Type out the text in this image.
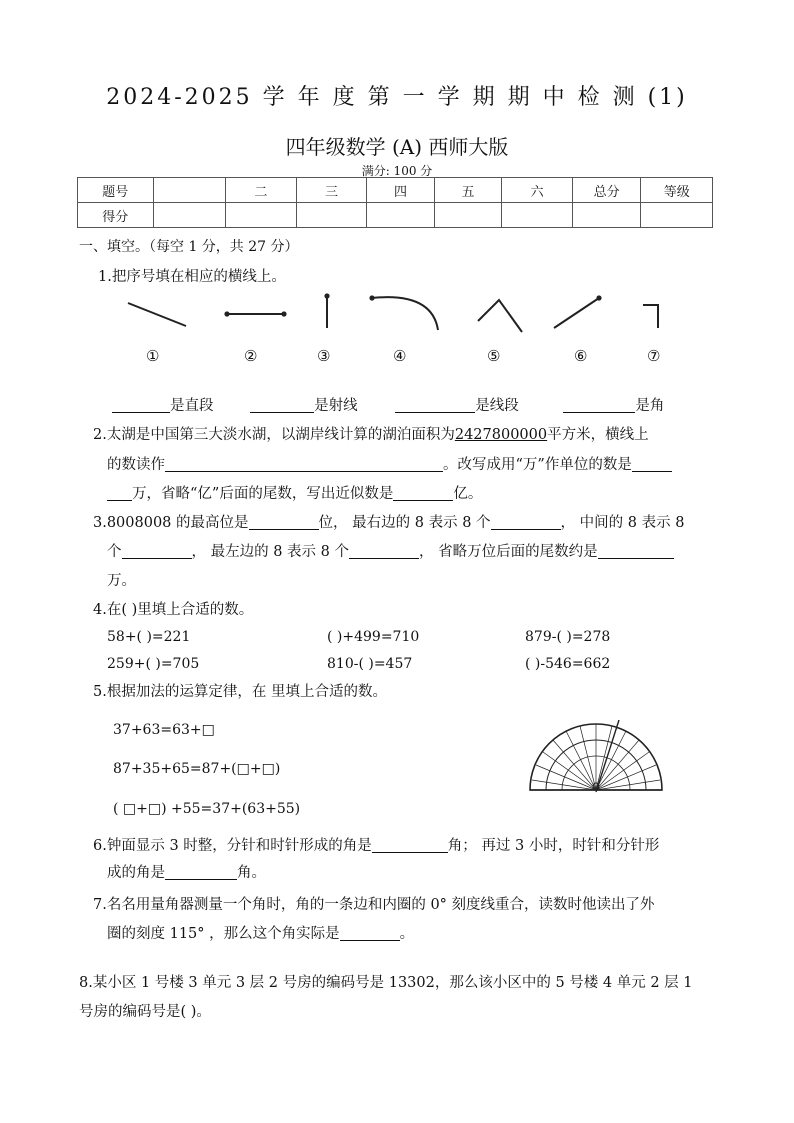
2024-2025 学 年 度 第 一 学 期 期 中 检 测 (1)
四年级数学 (A) 西师大版
满分: 100 分
题号		二	三	四	五	六	总分	等级
得分								
一、填空。（每空 1 分，共 27 分）
1.把序号填在相应的横线上。
①	②	③	④	⑤	⑥	⑦
是直段	是射线	是线段	是角
2.太湖是中国第三大淡水湖，以湖岸线计算的湖泊面积为2427800000平方米，横线上
的数读作	。改写成用“万”作单位的数是
万，省略“亿”后面的尾数，写出近似数是	亿。
3.8008008 的最高位是	位， 最右边的 8 表示 8 个	， 中间的 8 表示 8
个	， 最左边的 8 表示 8 个	， 省略万位后面的尾数约是
万。
4.在( )里填上合适的数。
58+( )=221	( )+499=710	879-( )=278
259+( )=705	810-( )=457	( )-546=662
5.根据加法的运算定律，在 里填上合适的数。
37+63=63+□
87+35+65=87+(□+□)
( □+□) +55=37+(63+55)
6.钟面显示 3 时整，分针和时针形成的角是	角； 再过 3 小时，时针和分针形
成的角是	角。
7.名名用量角器测量一个角时，角的一条边和内圈的 0° 刻度线重合，读数时他读出了外
圈的刻度 115° ，那么这个角实际是	。
8.某小区 1 号楼 3 单元 3 层 2 号房的编码号是 13302，那么该小区中的 5 号楼 4 单元 2 层 1
号房的编码号是( )。
